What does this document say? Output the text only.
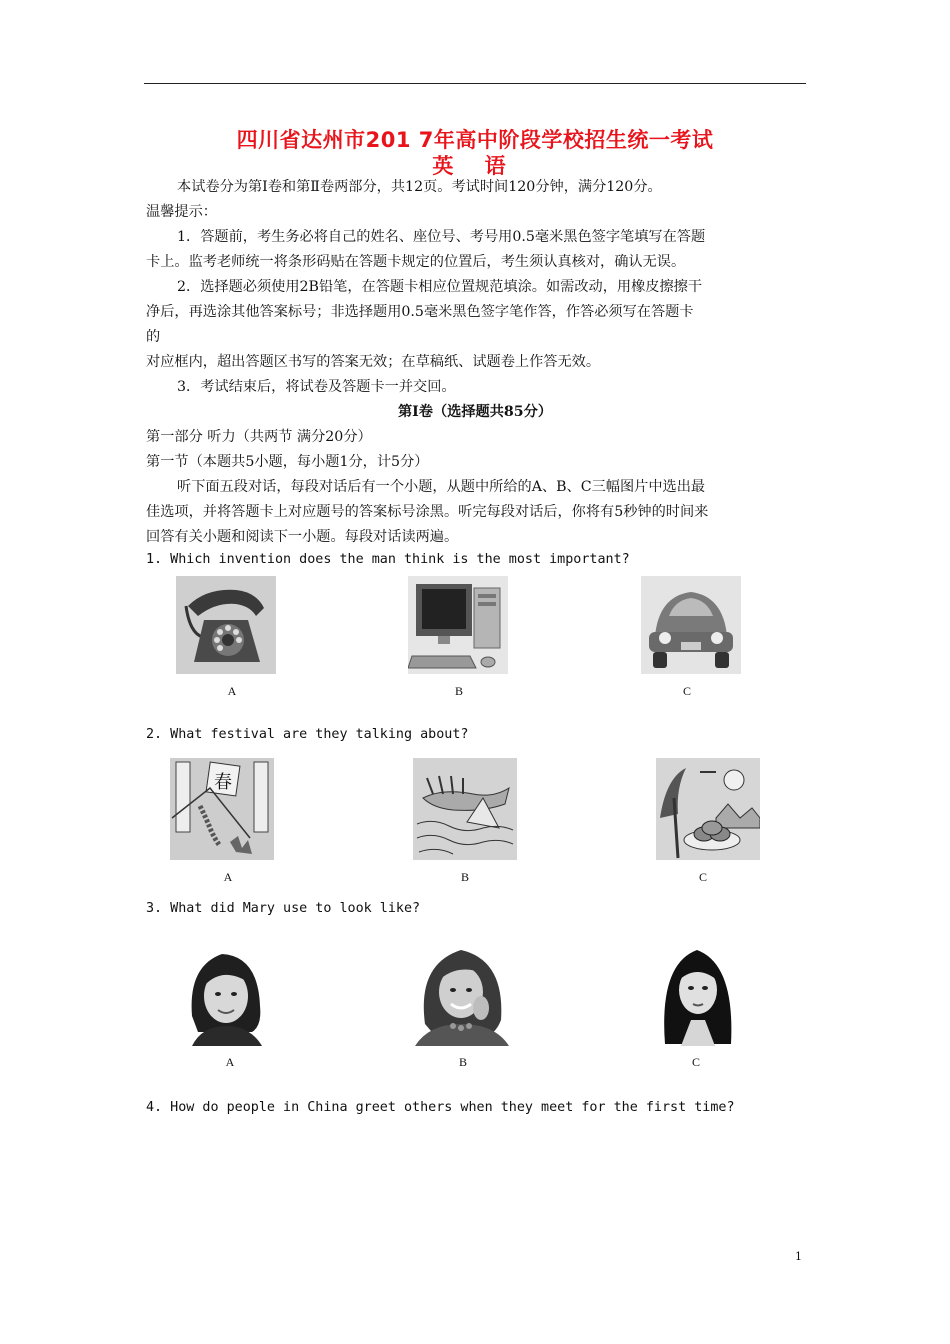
四川省达州市201 7年高中阶段学校招生统一考试
英 语
本试卷分为第Ⅰ卷和第Ⅱ卷两部分，共12页。考试时间120分钟，满分120分。
温馨提示：
1．答题前，考生务必将自己的姓名、座位号、考号用0.5毫米黑色签字笔填写在答题
卡上。监考老师统一将条形码贴在答题卡规定的位置后，考生须认真核对，确认无误。
2．选择题必须使用2B铅笔，在答题卡相应位置规范填涂。如需改动，用橡皮擦擦干
净后，再选涂其他答案标号；非选择题用0.5毫米黑色签字笔作答，作答必须写在答题卡
的
对应框内，超出答题区书写的答案无效；在草稿纸、试题卷上作答无效。
3．考试结束后，将试卷及答题卡一并交回。
第Ⅰ卷（选择题共85分）
第一部分 听力（共两节 满分20分）
第一节（本题共5小题，每小题1分，计5分）
听下面五段对话，每段对话后有一个小题，从题中所给的A、B、C三幅图片中选出最
佳选项，并将答题卡上对应题号的答案标号涂黑。听完每段对话后，你将有5秒钟的时间来
回答有关小题和阅读下一小题。每段对话读两遍。
1. Which invention does the man think is the most important?
A	B	C
2. What festival are they talking about?
春
A	B	C
3. What did Mary use to look like?
A	B	C
4. How do people in China greet others when they meet for the first time?
1
